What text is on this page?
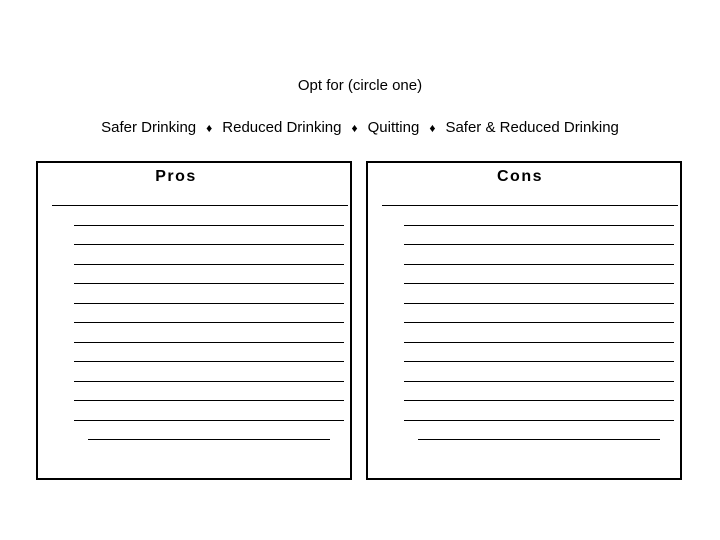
Opt for (circle one)
Safer Drinking ♦ Reduced Drinking ♦ Quitting ♦ Safer & Reduced Drinking
Pros	Cons
